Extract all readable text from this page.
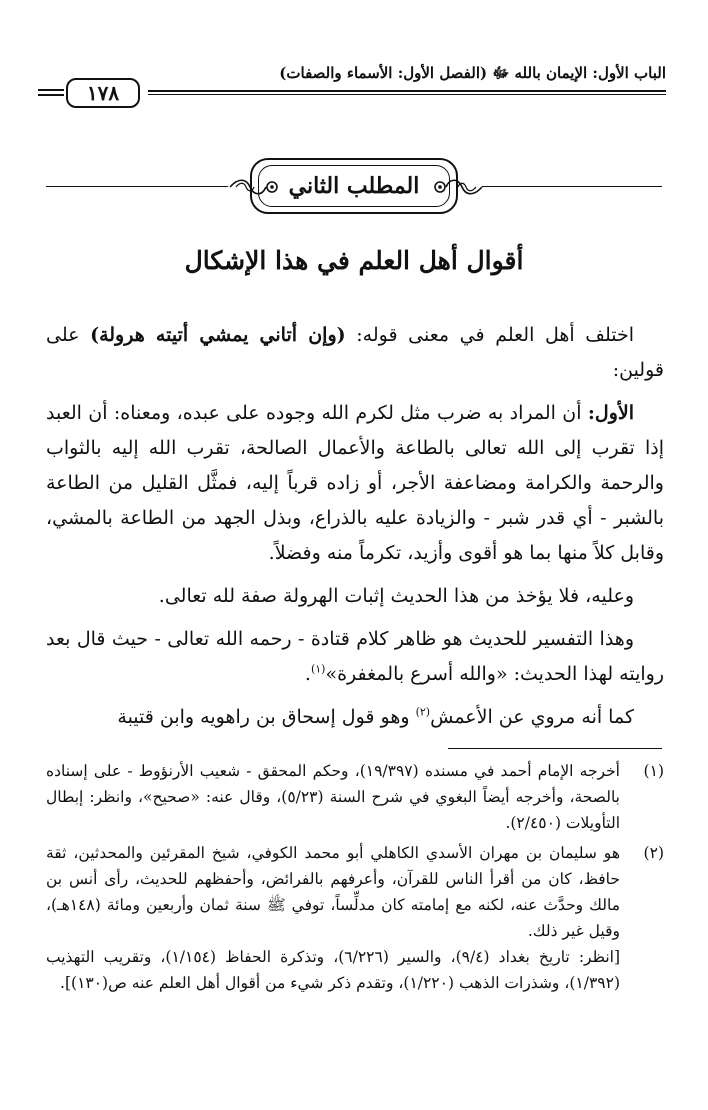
الباب الأول: الإيمان بالله ﷻ (الفصل الأول: الأسماء والصفات)
١٧٨
المطلب الثاني
أقوال أهل العلم في هذا الإشكال

اختلف أهل العلم في معنى قوله: (وإن أتاني يمشي أتيته هرولة) على قولين:

الأول: أن المراد به ضرب مثل لكرم الله وجوده على عبده، ومعناه: أن العبد إذا تقرب إلى الله تعالى بالطاعة والأعمال الصالحة، تقرب الله إليه بالثواب والرحمة والكرامة ومضاعفة الأجر، أو زاده قرباً إليه، فمثَّل القليل من الطاعة بالشبر - أي قدر شبر - والزيادة عليه بالذراع، وبذل الجهد من الطاعة بالمشي، وقابل كلاً منها بما هو أقوى وأزيد، تكرماً منه وفضلاً.

وعليه، فلا يؤخذ من هذا الحديث إثبات الهرولة صفة لله تعالى.

وهذا التفسير للحديث هو ظاهر كلام قتادة - رحمه الله تعالى - حيث قال بعد روايته لهذا الحديث: «والله أسرع بالمغفرة»$^{(١)}$.

كما أنه مروي عن الأعمش$^{(٢)}$ وهو قول إسحاق بن راهويه وابن قتيبة

(١)

أخرجه الإمام أحمد في مسنده (١٩/٣٩٧)، وحكم المحقق - شعيب الأرنؤوط - على إسناده بالصحة، وأخرجه أيضاً البغوي في شرح السنة (٥/٢٣)، وقال عنه: «صحيح»، وانظر: إبطال التأويلات (٢/٤٥٠).

(٢)

هو سليمان بن مهران الأسدي الكاهلي أبو محمد الكوفي، شيخ المقرئين والمحدثين، ثقة حافظ، كان من أقرأ الناس للقرآن، وأعرفهم بالفرائض، وأحفظهم للحديث، رأى أنس بن مالك وحدَّث عنه، لكنه مع إمامته كان مدلِّساً، توفي ﷺ سنة ثمان وأربعين ومائة (١٤٨هـ)، وقيل غير ذلك.

[انظر: تاريخ بغداد (٩/٤)، والسير (٦/٢٢٦)، وتذكرة الحفاظ (١/١٥٤)، وتقريب التهذيب (١/٣٩٢)، وشذرات الذهب (١/٢٢٠)، وتقدم ذكر شيء من أقوال أهل العلم عنه ص(١٣٠)].
